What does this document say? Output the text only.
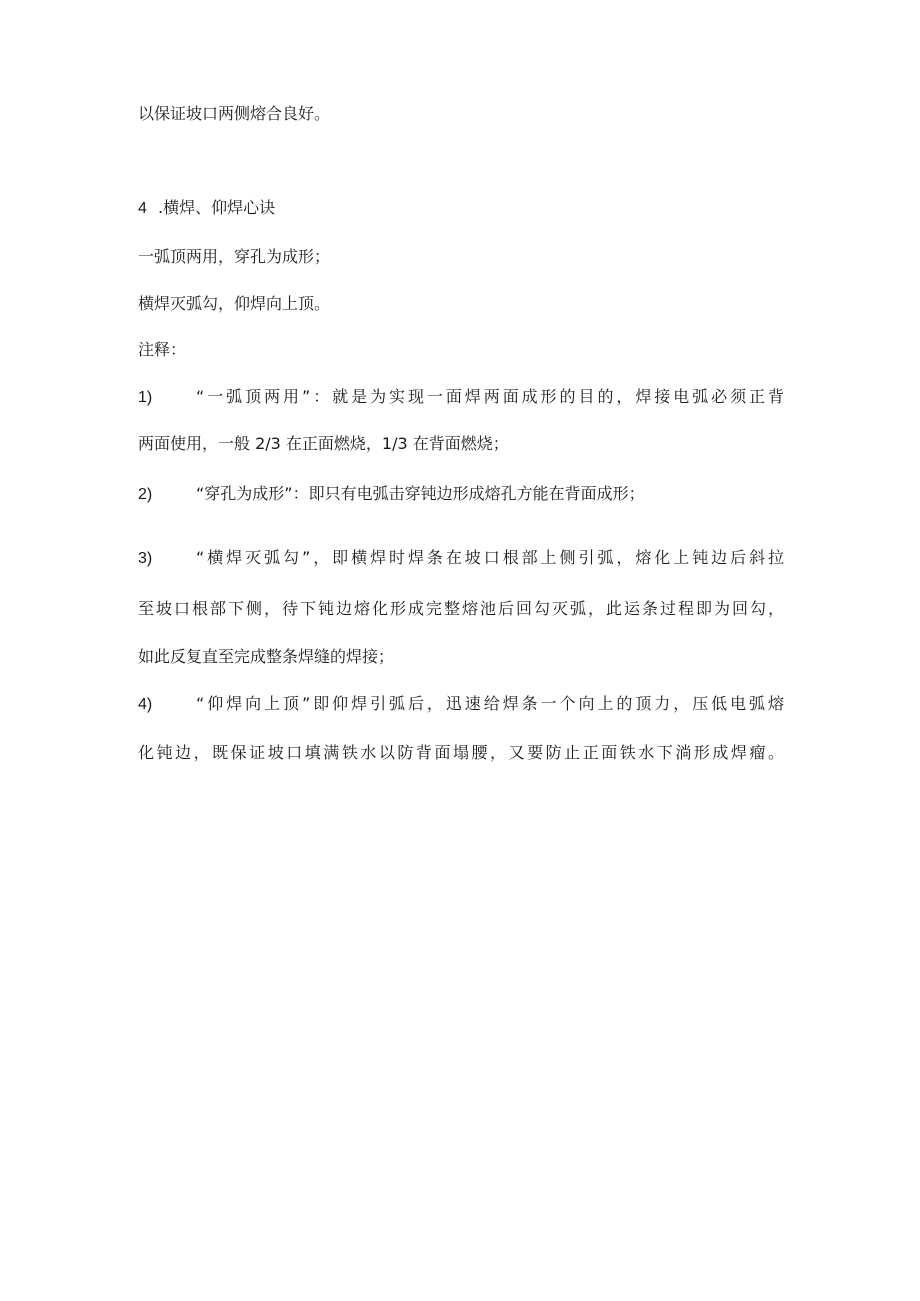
以保证坡口两侧熔合良好。
4 .横焊、仰焊心诀
一弧顶两用，穿孔为成形；
横焊灭弧勾，仰焊向上顶。
注释：
1)	“一弧顶两用”：就是为实现一面焊两面成形的目的，焊接电弧必须正背
两面使用，一般 2/3 在正面燃烧，1/3 在背面燃烧；
2)	“穿孔为成形”：即只有电弧击穿钝边形成熔孔方能在背面成形；
3)	“横焊灭弧勾”，即横焊时焊条在坡口根部上侧引弧，熔化上钝边后斜拉
至坡口根部下侧，待下钝边熔化形成完整熔池后回勾灭弧，此运条过程即为回勾，
如此反复直至完成整条焊缝的焊接；
4)	“仰焊向上顶”即仰焊引弧后，迅速给焊条一个向上的顶力，压低电弧熔
化钝边，既保证坡口填满铁水以防背面塌腰，又要防止正面铁水下淌形成焊瘤。
